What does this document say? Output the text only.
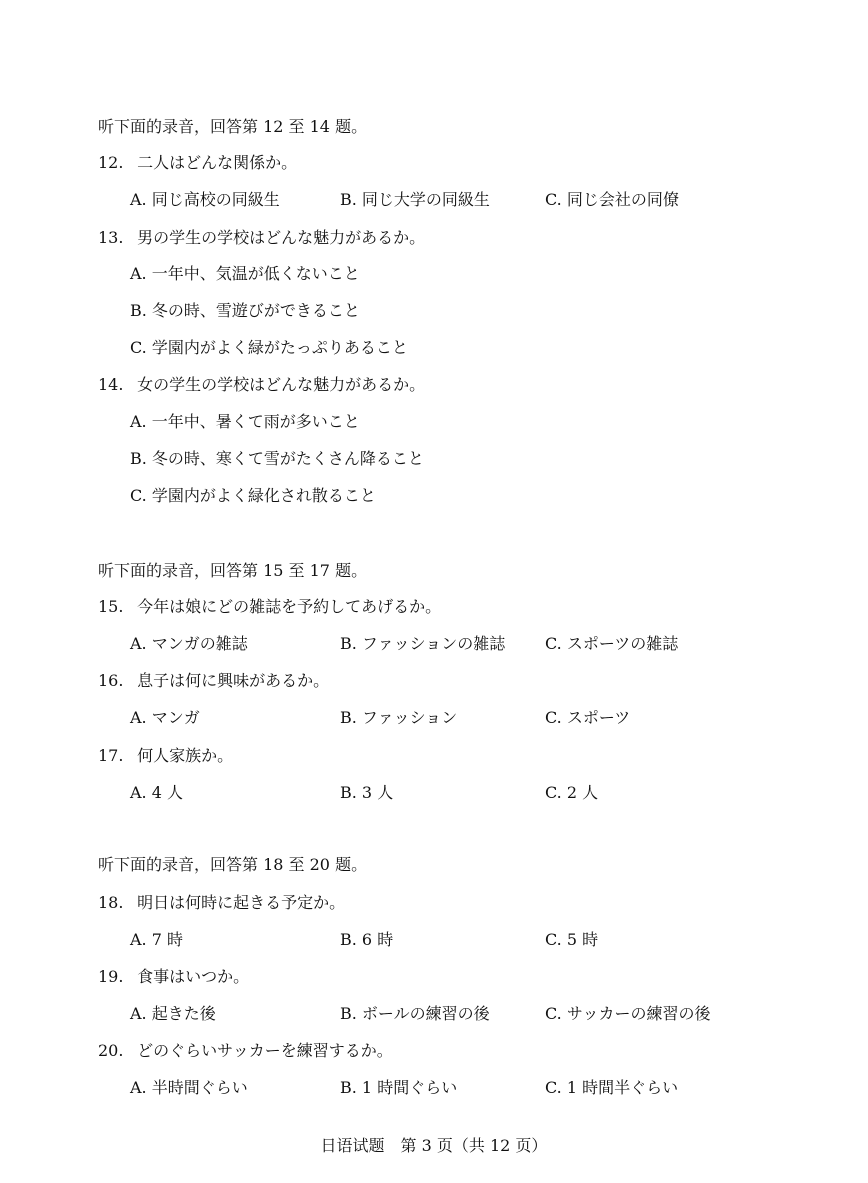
听下面的录音，回答第 12 至 14 题。
12. 二人はどんな関係か。
A. 同じ高校の同級生	B. 同じ大学の同級生	C. 同じ会社の同僚
13. 男の学生の学校はどんな魅力があるか。
A. 一年中、気温が低くないこと
B. 冬の時、雪遊びができること
C. 学園内がよく緑がたっぷりあること
14. 女の学生の学校はどんな魅力があるか。
A. 一年中、暑くて雨が多いこと
B. 冬の時、寒くて雪がたくさん降ること
C. 学園内がよく緑化され散ること
听下面的录音，回答第 15 至 17 题。
15. 今年は娘にどの雑誌を予約してあげるか。
A. マンガの雑誌	B. ファッションの雑誌 C. スポーツの雑誌
16. 息子は何に興味があるか。
A. マンガ	B. ファッション	C. スポーツ
17. 何人家族か。
A. 4 人	B. 3 人	C. 2 人
听下面的录音，回答第 18 至 20 题。
18. 明日は何時に起きる予定か。
A. 7 時	B. 6 時	C. 5 時
19. 食事はいつか。
A. 起きた後	B. ボールの練習の後	C. サッカーの練習の後
20. どのぐらいサッカーを練習するか。
A. 半時間ぐらい	B. 1 時間ぐらい	C. 1 時間半ぐらい
日语试题　第 3 页（共 12 页）
